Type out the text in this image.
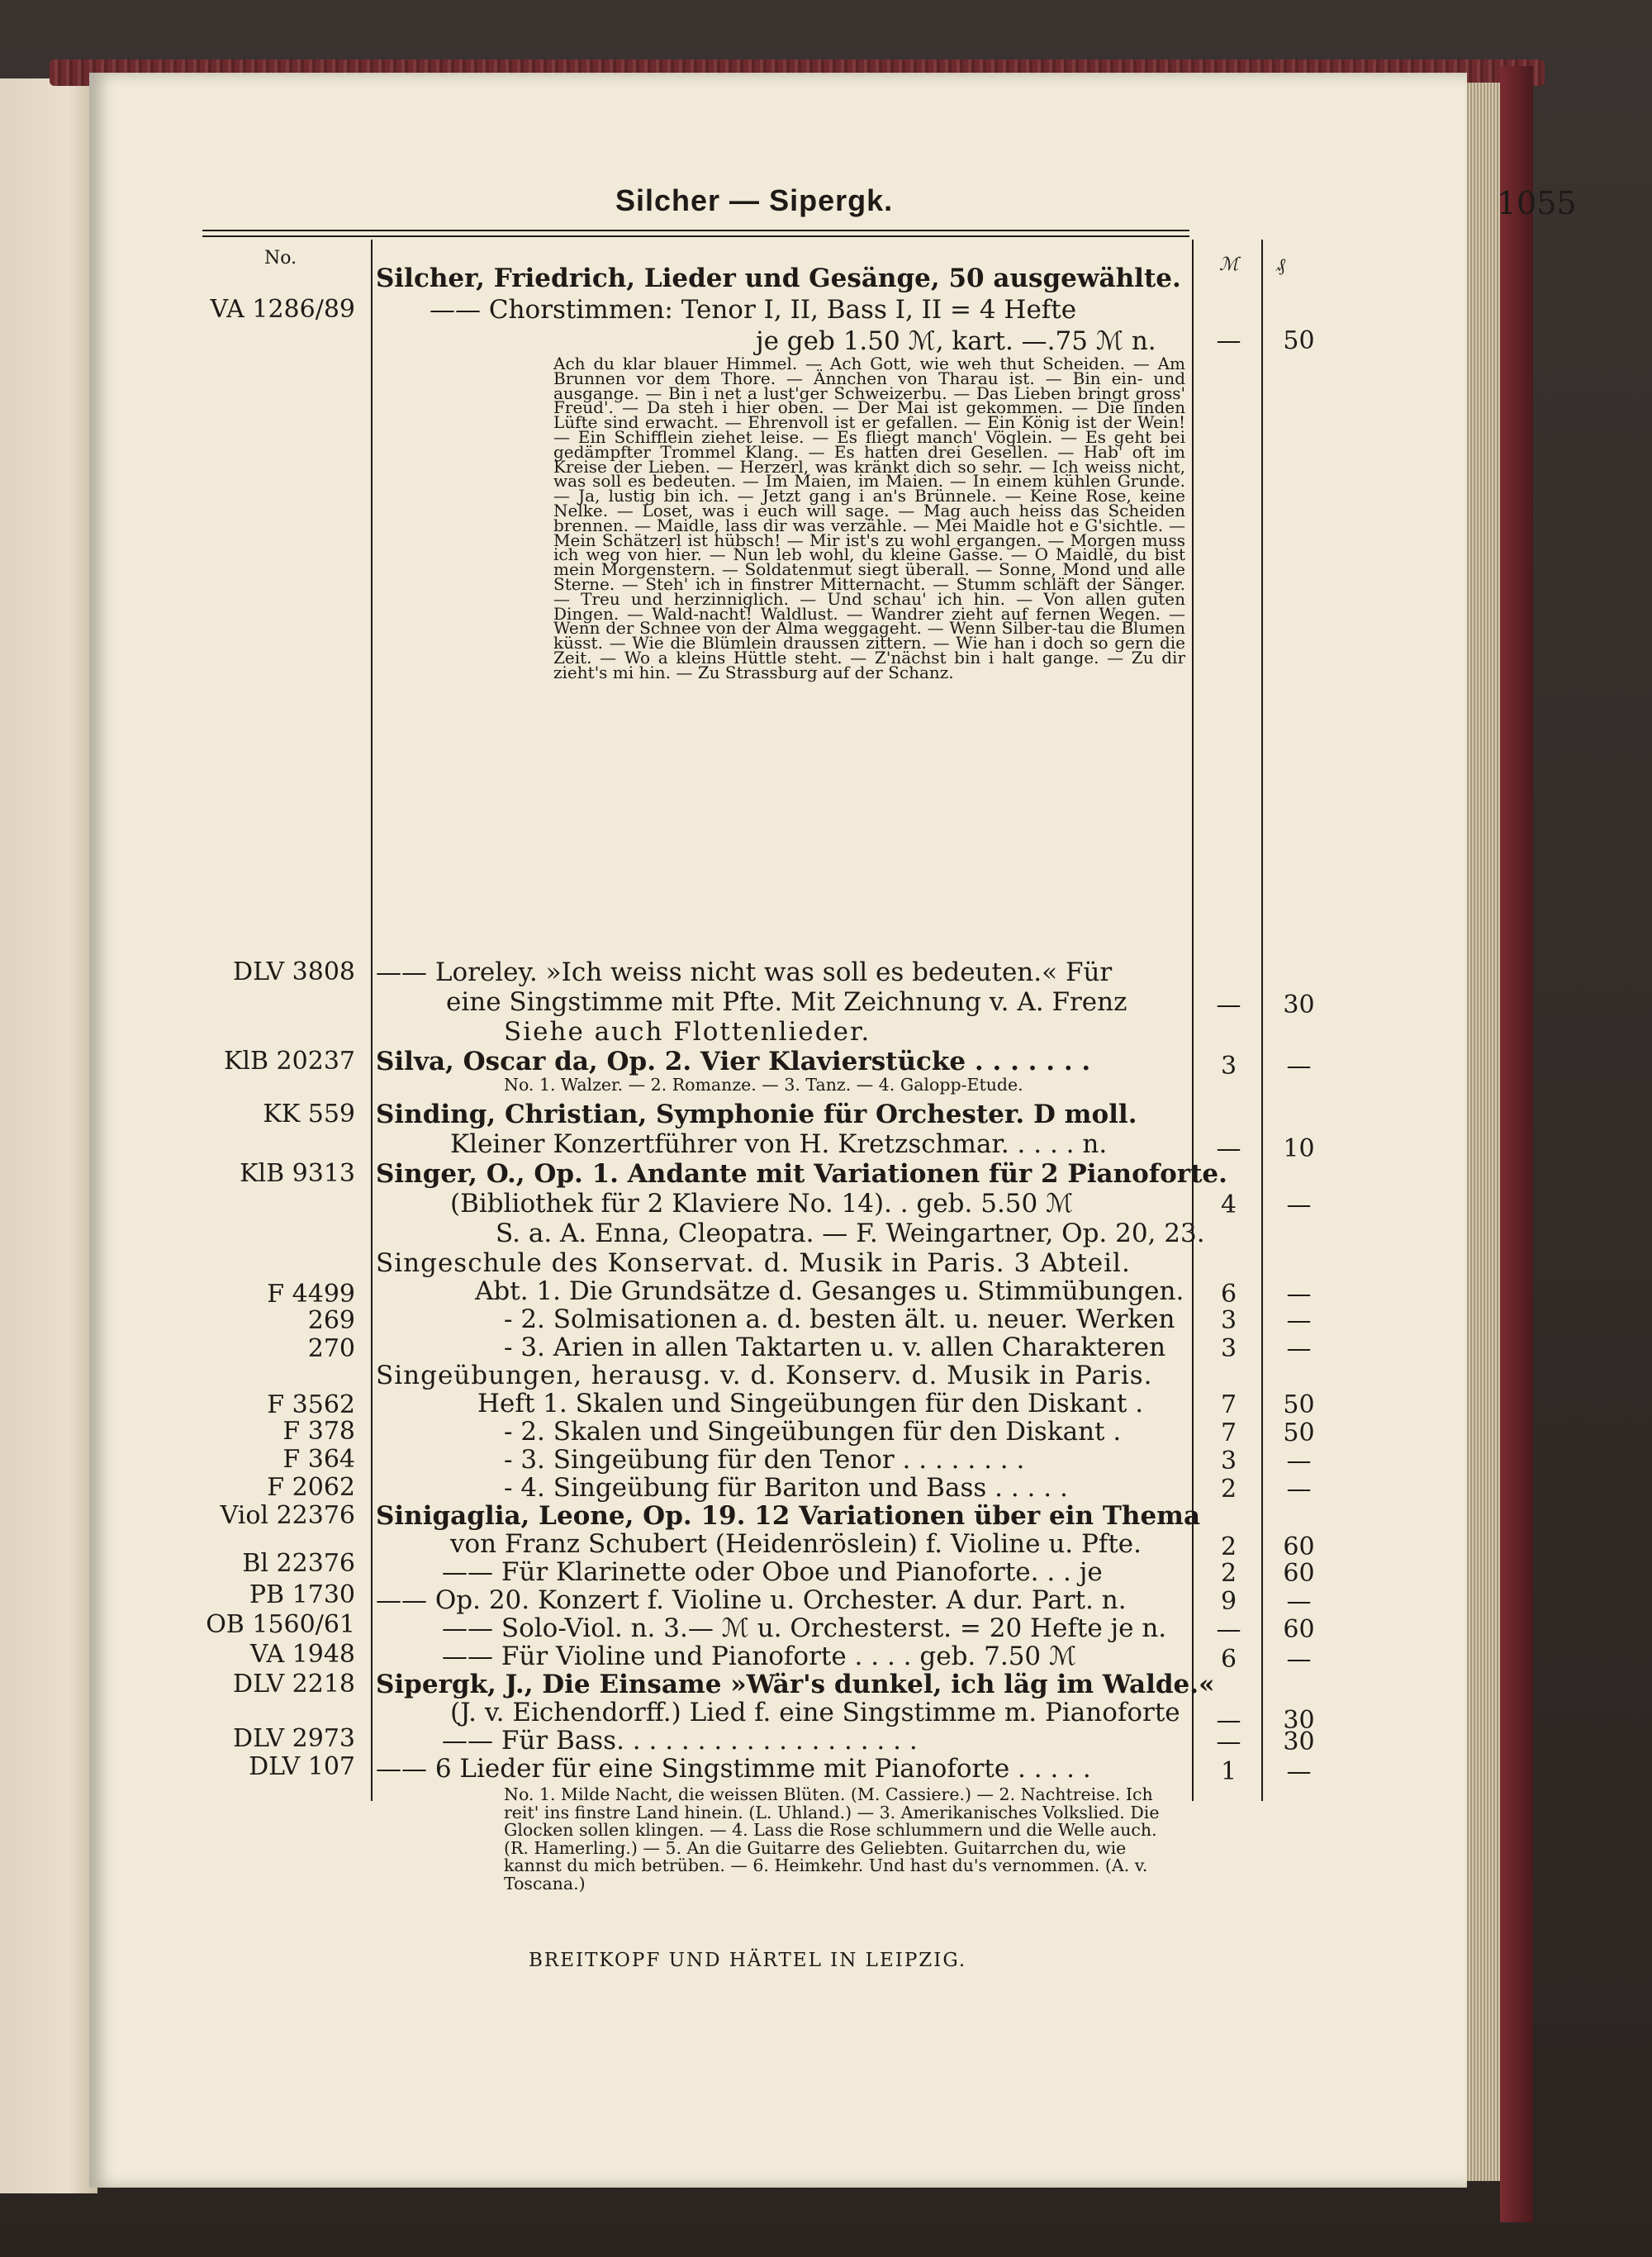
Silcher — Sipergk.	1055
No.	ℳ ₰
VA 1286/89
Silcher, Friedrich, Lieder und Gesänge, 50 ausgewählte.
—— Chorstimmen: Tenor I, II, Bass I, II = 4 Hefte
je geb 1.50 ℳ, kart. —.75 ℳ n.	—	50
Ach du klar blauer Himmel. — Ach Gott, wie weh thut Scheiden. — Am Brunnen vor dem Thore. — Ännchen von Tharau ist. — Bin ein- und ausgange. — Bin i net a lust'ger Schweizerbu. — Das Lieben bringt gross' Freud'. — Da steh i hier oben. — Der Mai ist gekommen. — Die linden Lüfte sind erwacht. — Ehrenvoll ist er gefallen. — Ein König ist der Wein! — Ein Schifflein ziehet leise. — Es fliegt manch' Vöglein. — Es geht bei gedämpfter Trommel Klang. — Es hatten drei Gesellen. — Hab' oft im Kreise der Lieben. — Herzerl, was kränkt dich so sehr. — Ich weiss nicht, was soll es bedeuten. — Im Maien, im Maien. — In einem kühlen Grunde. — Ja, lustig bin ich. — Jetzt gang i an's Brünnele. — Keine Rose, keine Nelke. — Loset, was i euch will sage. — Mag auch heiss das Scheiden brennen. — Maidle, lass dir was verzähle. — Mei Maidle hot e G'sichtle. — Mein Schätzerl ist hübsch! — Mir ist's zu wohl ergangen. — Morgen muss ich weg von hier. — Nun leb wohl, du kleine Gasse. — O Maidle, du bist mein Morgenstern. — Soldatenmut siegt überall. — Sonne, Mond und alle Sterne. — Steh' ich in finstrer Mitternacht. — Stumm schläft der Sänger. — Treu und herzinniglich. — Und schau' ich hin. — Von allen guten Dingen. — Wald-nacht! Waldlust. — Wandrer zieht auf fernen Wegen. — Wenn der Schnee von der Alma weggageht. — Wenn Silber-tau die Blumen küsst. — Wie die Blümlein draussen zittern. — Wie han i doch so gern die Zeit. — Wo a kleins Hüttle steht. — Z'nächst bin i halt gange. — Zu dir zieht's mi hin. — Zu Strassburg auf der Schanz.
DLV 3808 —— Loreley. »Ich weiss nicht was soll es bedeuten.« Für
eine Singstimme mit Pfte. Mit Zeichnung v. A. Frenz
Siehe auch Flottenlieder.
—	30
KlB 20237 Silva, Oscar da, Op. 2. Vier Klavierstücke . . . . . . .
No. 1. Walzer. — 2. Romanze. — 3. Tanz. — 4. Galopp-Etude.
3	—
KK 559 Sinding, Christian, Symphonie für Orchester. D moll.
Kleiner Konzertführer von H. Kretzschmar. . . . . n.	—	10
KlB 9313 Singer, O., Op. 1. Andante mit Variationen für 2 Pianoforte.
(Bibliothek für 2 Klaviere No. 14). . geb. 5.50 ℳ
S. a. A. Enna, Cleopatra. — F. Weingartner, Op. 20, 23.
4	—
Singeschule des Konservat. d. Musik in Paris. 3 Abteil.
F 4499	Abt. 1. Die Grundsätze d. Gesanges u. Stimmübungen.	6	—
269	- 2. Solmisationen a. d. besten ält. u. neuer. Werken	3	—
270	- 3. Arien in allen Taktarten u. v. allen Charakteren	3	—
Singeübungen, herausg. v. d. Konserv. d. Musik in Paris.
F 3562	Heft 1. Skalen und Singeübungen für den Diskant .	7	50
F 378	- 2. Skalen und Singeübungen für den Diskant .	7	50
F 364	- 3. Singeübung für den Tenor . . . . . . . .	3	—
F 2062	- 4. Singeübung für Bariton und Bass . . . . .	2	—
Viol 22376 Sinigaglia, Leone, Op. 19. 12 Variationen über ein Thema
von Franz Schubert (Heidenröslein) f. Violine u. Pfte.	2	60
Bl 22376	—— Für Klarinette oder Oboe und Pianoforte. . . je	2	60
PB 1730 —— Op. 20. Konzert f. Violine u. Orchester. A dur. Part. n.	9	—
OB 1560/61	—— Solo-Viol. n. 3.— ℳ u. Orchesterst. = 20 Hefte je n.	—	60
VA 1948	—— Für Violine und Pianoforte . . . . geb. 7.50 ℳ	6	—
DLV 2218 Sipergk, J., Die Einsame »Wär's dunkel, ich läg im Walde.«
(J. v. Eichendorff.) Lied f. eine Singstimme m. Pianoforte	—	30
DLV 2973	—— Für Bass. . . . . . . . . . . . . . . . . . .	—	30
DLV 107 —— 6 Lieder für eine Singstimme mit Pianoforte . . . . .	1	—
No. 1. Milde Nacht, die weissen Blüten. (M. Cassiere.) — 2. Nachtreise. Ich reit' ins finstre Land hinein. (L. Uhland.) — 3. Amerikanisches Volkslied. Die Glocken sollen klingen. — 4. Lass die Rose schlummern und die Welle auch. (R. Hamerling.) — 5. An die Guitarre des Geliebten. Guitarrchen du, wie kannst du mich betrüben. — 6. Heimkehr. Und hast du's vernommen. (A. v. Toscana.)
BREITKOPF UND HÄRTEL IN LEIPZIG.
